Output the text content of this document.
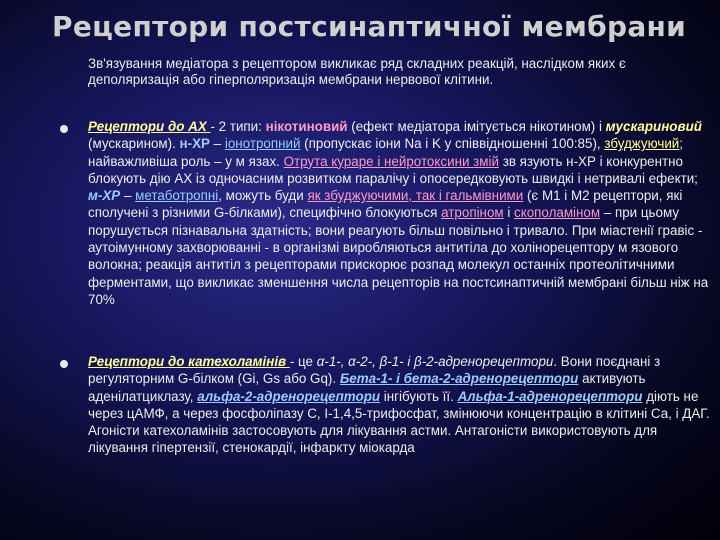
Рецептори постсинаптичної мембрани
Зв'язування медіатора з рецептором викликає ряд складних реакцій, наслідком яких є деполяризація або гіперполяризація мембрани нервової клітини.
Рецептори до АХ - 2 типи: нікотиновий (ефект медіатора імітується нікотином) і мускариновий (мускарином). н-ХР – іонотропний (пропускає іони Na і K у співвідношенні 100:85), збуджуючий; найважливіша роль – у м язах. Отрута кураре і нейротоксини змій зв язують н-ХР і конкурентно блокують дію АХ із одночасним розвитком паралічу і опосередковують швидкі і нетривалі ефекти; м-ХР – метаботропні, можуть буди як збуджуючими, так і гальмівними (є М1 і М2 рецептори, які сполучені з різними G-білками), специфічно блокуються атропіном і скополаміном – при цьому порушується пізнавальна здатність; вони реагують більш повільно і тривало. При міастенії гравіс - аутоімунному захворюванні - в організмі виробляються антитіла до холінорецептору м язового волокна; реакція антитіл з рецепторами прискорює розпад молекул останніх протеолітичними ферментами, що викликає зменшення числа рецепторів на постсинаптичній мембрані більш ніж на 70%
Рецептори до катехоламінів - це α-1-, α-2-, β-1- і β-2-адренорецептори. Вони поєднані з регуляторним G-білком (Gi, Gs або Gq). Бета-1- і бета-2-адренорецептори активують аденілатциклазу, альфа-2-адренорецептори інгібують її. Альфа-1-адренорецептори діють не через цАМФ, а через фосфоліпазу C, І-1,4,5-трифосфат, змінюючи концентрацію в клітині Са, і ДАГ. Агоністи катехоламінів застосовують для лікування астми. Антагоністи використовують для лікування гіпертензії, стенокардії, інфаркту міокарда
